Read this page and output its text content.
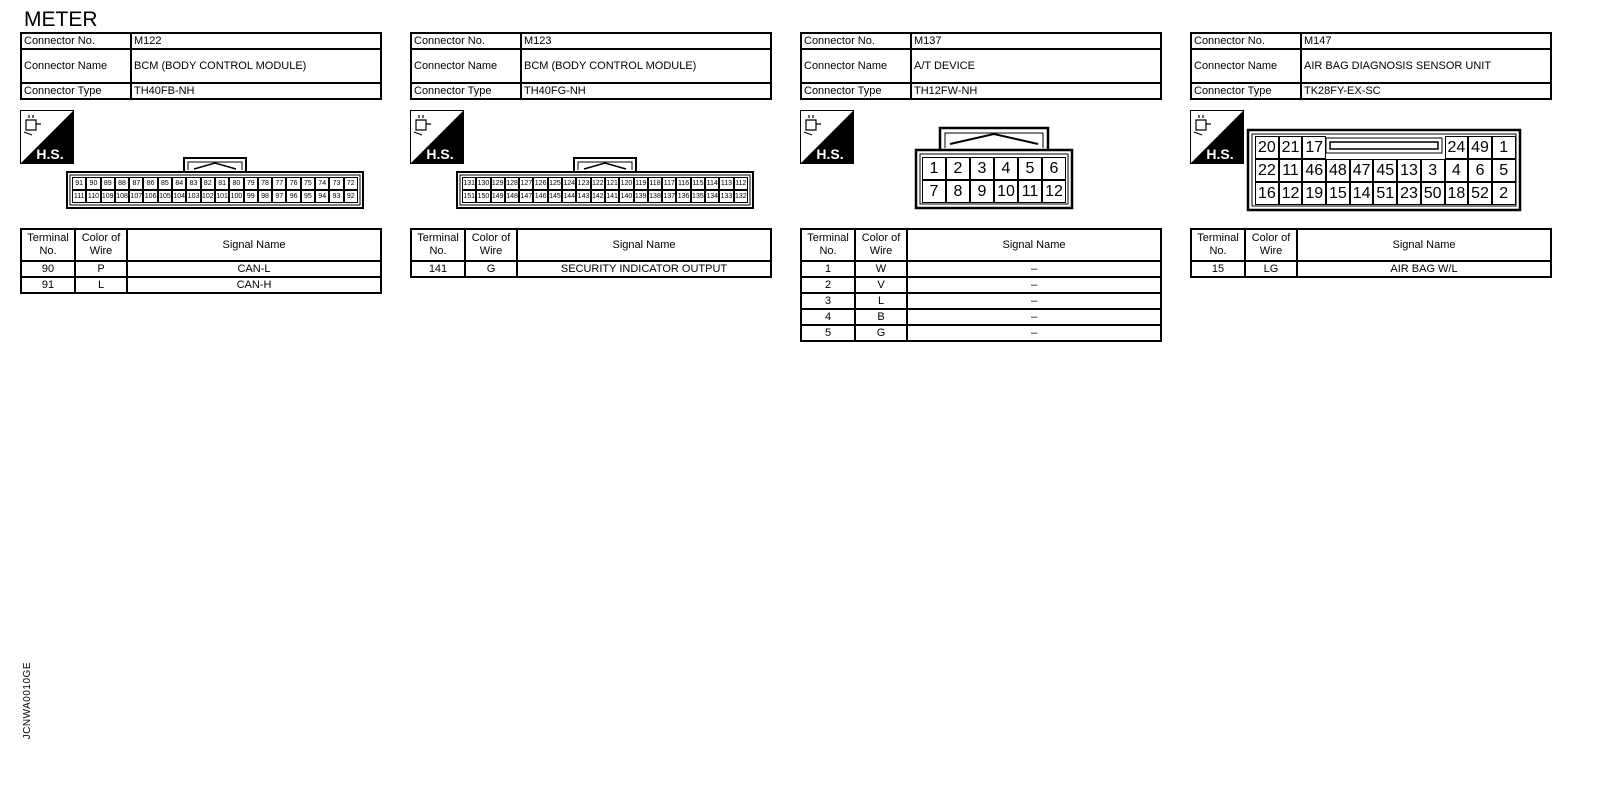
METER
Connector No.	M122
Connector Name	BCM (BODY CONTROL MODULE)
Connector Type	TH40FB-NH
H.S.
91 90 89 88 87 86 85 84 83 82 81 80 79 78 77 76 75 74 73 72
111 110 109 108 107 106 105 104 103 102 101 100 99 98 97 96 95 94 93 92
Terminal No.	Color of Wire	Signal Name
90	P	CAN-L
91	L	CAN-H
Connector No.	M123
Connector Name	BCM (BODY CONTROL MODULE)
Connector Type	TH40FG-NH
H.S.
131 130 129 128 127 126 125 124 123 122 121 120 119 118 117 116 115 114 113 112
151 150 149 148 147 146 145 144 143 142 141 140 139 138 137 136 135 134 133 132
Terminal No.	Color of Wire	Signal Name
141	G	SECURITY INDICATOR OUTPUT
Connector No.	M137
Connector Name	A/T DEVICE
Connector Type	TH12FW-NH
H.S.
1 2 3 4 5 6
7 8 9 10 11 12
Terminal No.	Color of Wire	Signal Name
1	W	–
2	V	–
3	L	–
4	B	–
5	G	–
Connector No.	M147
Connector Name	AIR BAG DIAGNOSIS SENSOR UNIT
Connector Type	TK28FY-EX-SC
H.S. 20 21 17	24 49 1
22 11 46 48 47 45 13 3 4 6 5
16 12 19 15 14 51 23 50 18 52 2
Terminal No.	Color of Wire	Signal Name
15	LG	AIR BAG W/L
JCNWA0010GE
